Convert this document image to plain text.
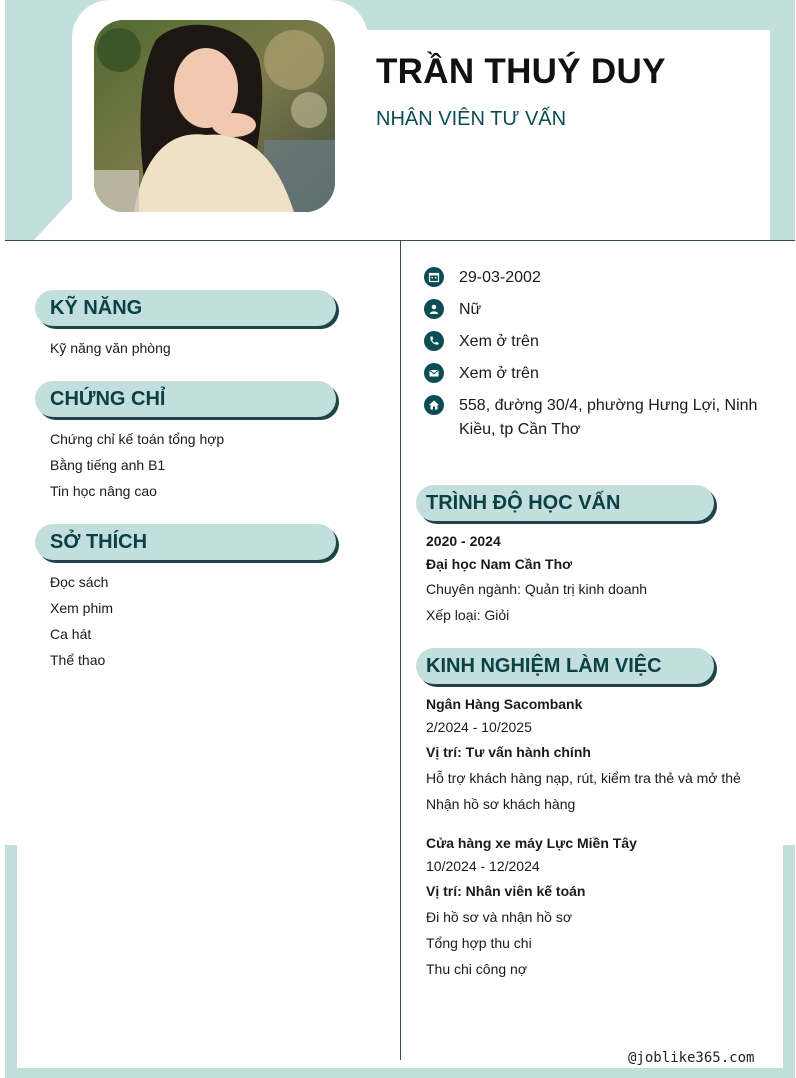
TRẦN THUÝ DUY
NHÂN VIÊN TƯ VẤN
KỸ NĂNG
Kỹ năng văn phòng
CHỨNG CHỈ
Chứng chỉ kế toán tổng hợp
Bằng tiếng anh B1
Tin học nâng cao
SỞ THÍCH
Đọc sách
Xem phim
Ca hát
Thể thao
29-03-2002
Nữ
Xem ở trên
Xem ở trên
558, đường 30/4, phường Hưng Lợi, Ninh
Kiều, tp Cần Thơ
TRÌNH ĐỘ HỌC VẤN
2020 - 2024
Đại học Nam Cần Thơ
Chuyên ngành: Quản trị kinh doanh
Xếp loại: Giỏi
KINH NGHIỆM LÀM VIỆC
Ngân Hàng Sacombank
2/2024 - 10/2025
Vị trí: Tư vấn hành chính
Hỗ trợ khách hàng nạp, rút, kiểm tra thẻ và mở thẻ
Nhận hồ sơ khách hàng
Cửa hàng xe máy Lực Miền Tây
10/2024 - 12/2024
Vị trí: Nhân viên kế toán
Đi hồ sơ và nhận hồ sơ
Tổng hợp thu chi
Thu chi công nợ
@joblike365.com
